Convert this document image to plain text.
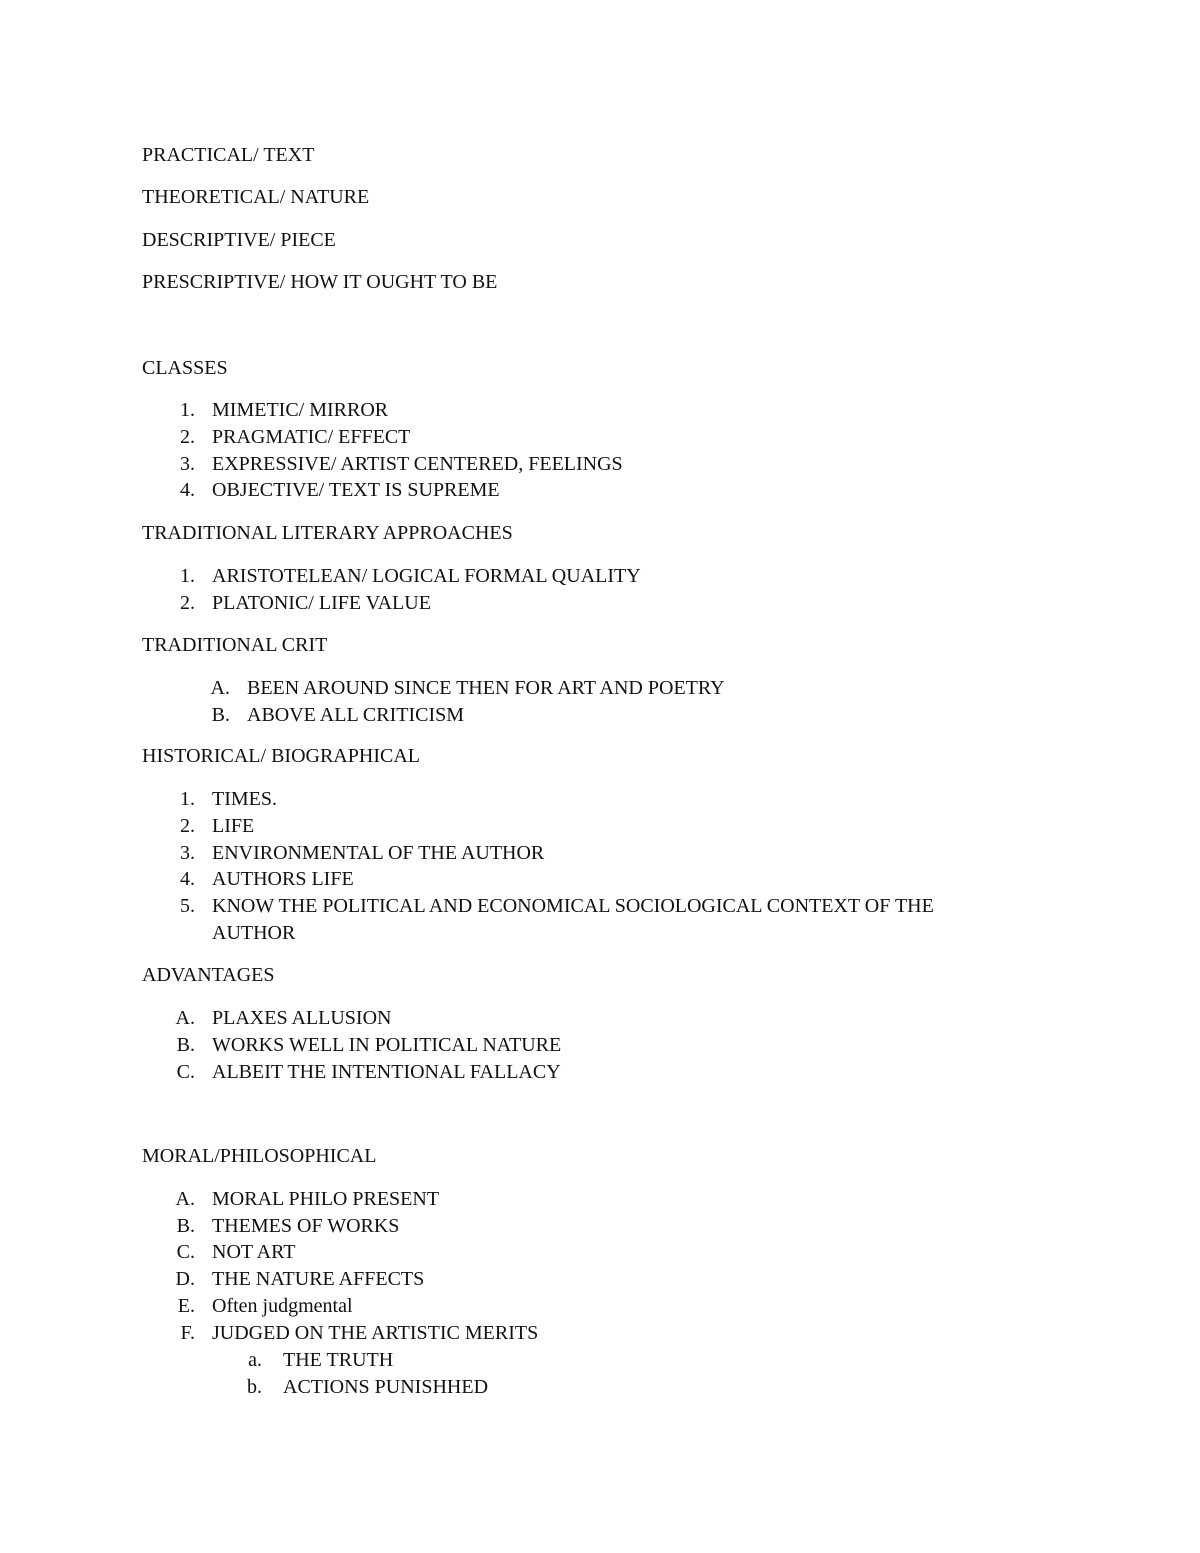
PRACTICAL/ TEXT
THEORETICAL/ NATURE
DESCRIPTIVE/ PIECE
PRESCRIPTIVE/ HOW IT OUGHT TO BE
CLASSES
1. MIMETIC/ MIRROR
2. PRAGMATIC/ EFFECT
3. EXPRESSIVE/ ARTIST CENTERED, FEELINGS
4. OBJECTIVE/ TEXT IS SUPREME
TRADITIONAL LITERARY APPROACHES
1. ARISTOTELEAN/ LOGICAL FORMAL QUALITY
2. PLATONIC/ LIFE VALUE
TRADITIONAL CRIT
A. BEEN AROUND SINCE THEN FOR ART AND POETRY
B. ABOVE ALL CRITICISM
HISTORICAL/ BIOGRAPHICAL
1. TIMES.
2. LIFE
3. ENVIRONMENTAL OF THE AUTHOR
4. AUTHORS LIFE
5. KNOW THE POLITICAL AND ECONOMICAL SOCIOLOGICAL CONTEXT OF THE
AUTHOR
ADVANTAGES
A. PLAXES ALLUSION
B. WORKS WELL IN POLITICAL NATURE
C. ALBEIT THE INTENTIONAL FALLACY
MORAL/PHILOSOPHICAL
A. MORAL PHILO PRESENT
B. THEMES OF WORKS
C. NOT ART
D. THE NATURE AFFECTS
E. Often judgmental
F. JUDGED ON THE ARTISTIC MERITS
a. THE TRUTH
b. ACTIONS PUNISHHED
